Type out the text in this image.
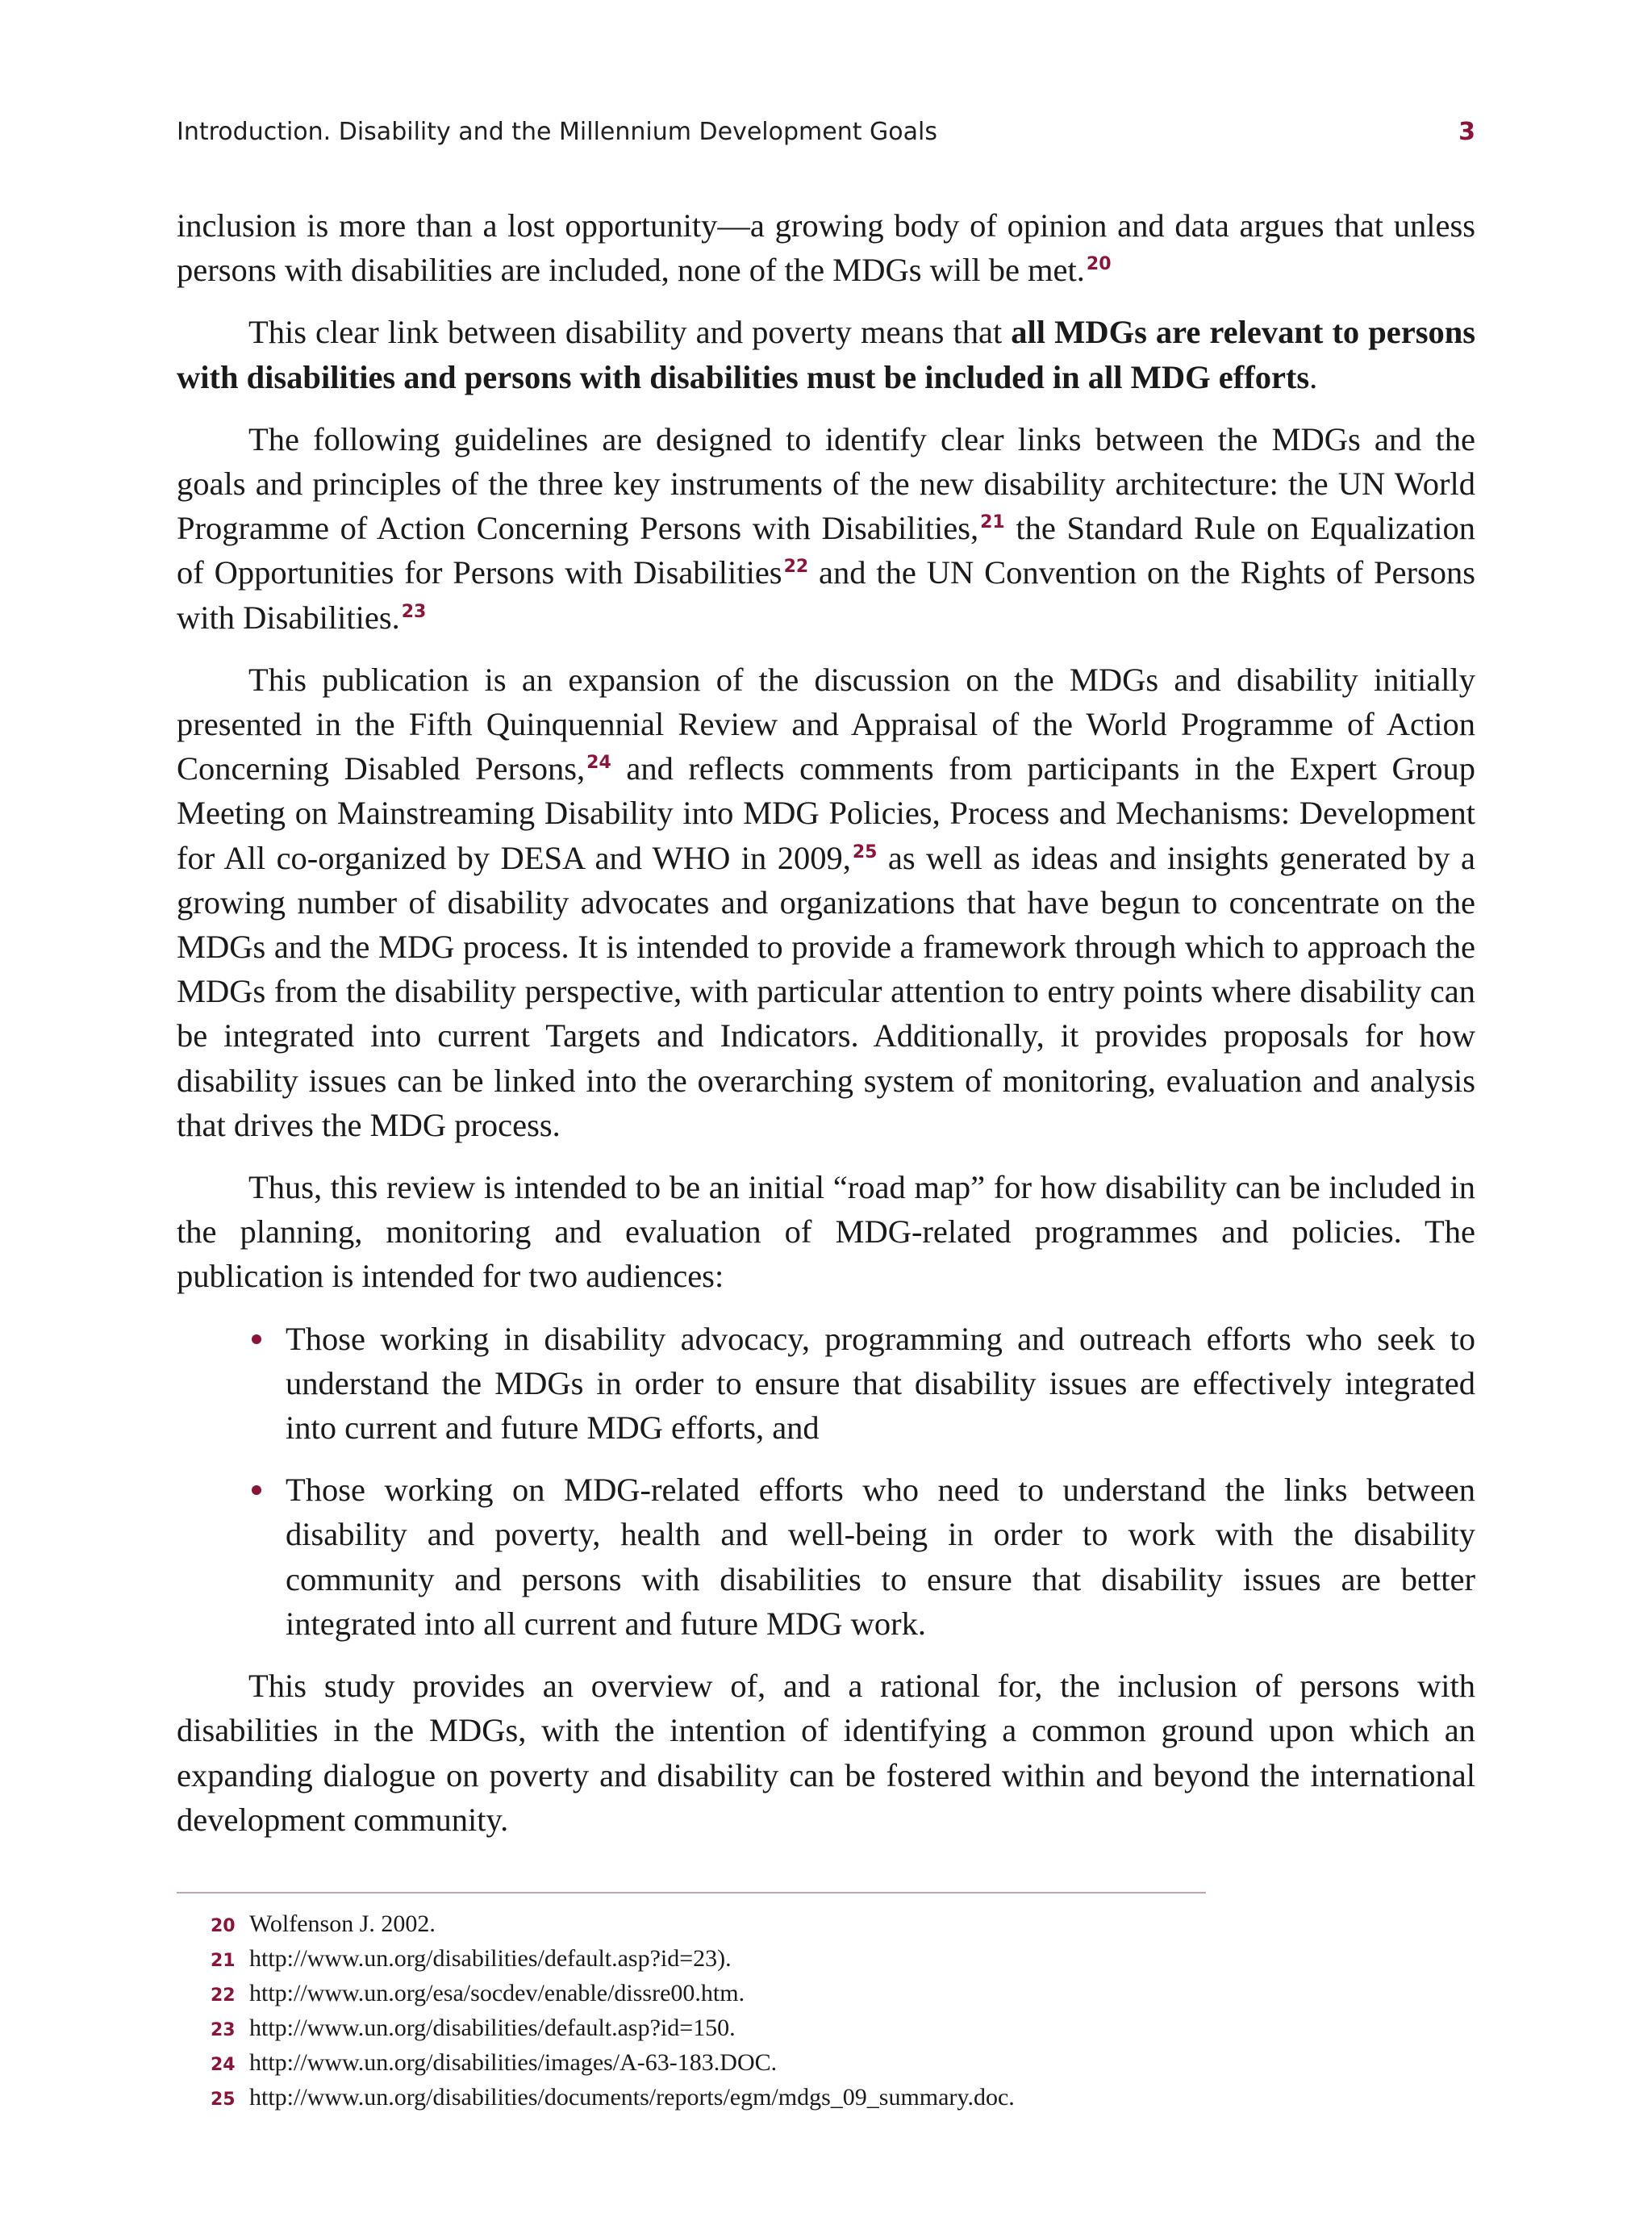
Introduction. Disability and the Millennium Development Goals	3

inclusion is more than a lost opportunity—a growing body of opinion and data argues that unless persons with disabilities are included, none of the MDGs will be met.$^{20}$

This clear link between disability and poverty means that all MDGs are relevant to persons with disabilities and persons with disabilities must be included in all MDG efforts.

The following guidelines are designed to identify clear links between the MDGs and the goals and principles of the three key instruments of the new disability architecture: the UN World Programme of Action Concerning Persons with Disabilities,$^{21}$ the Standard Rule on Equalization of Opportunities for Persons with Disabilities$^{22}$ and the UN Convention on the Rights of Persons with Disabilities.$^{23}$

This publication is an expansion of the discussion on the MDGs and disability initially presented in the Fifth Quinquennial Review and Appraisal of the World Programme of Action Concerning Disabled Persons,$^{24}$ and reflects comments from participants in the Expert Group Meeting on Mainstreaming Disability into MDG Policies, Process and Mechanisms: Development for All co-organized by DESA and WHO in 2009,25 as well as ideas and insights generated by a growing number of disability advocates and organizations that have begun to concentrate on the MDGs and the MDG process. It is intended to provide a framework through which to approach the MDGs from the disability perspective, with particular attention to entry points where disability can be integrated into current Targets and Indicators. Additionally, it provides proposals for how disability issues can be linked into the overarching system of monitoring, evaluation and analysis that drives the MDG process.

Thus, this review is intended to be an initial “road map” for how disability can be included in the planning, monitoring and evaluation of MDG-related programmes and policies. The publication is intended for two audiences:

Those working in disability advocacy, programming and outreach efforts who seek to understand the MDGs in order to ensure that disability issues are effectively integrated into current and future MDG efforts, and
Those working on MDG-related efforts who need to understand the links between disability and poverty, health and well-being in order to work with the disability community and persons with disabilities to ensure that disability issues are better integrated into all current and future MDG work.

This study provides an overview of, and a rational for, the inclusion of persons with disabilities in the MDGs, with the intention of identifying a common ground upon which an expanding dialogue on poverty and disability can be fostered within and beyond the international development community.

20 Wolfenson J. 2002.
21 http://www.un.org/disabilities/default.asp?id=23).
22 http://www.un.org/esa/socdev/enable/dissre00.htm.
23 http://www.un.org/disabilities/default.asp?id=150.
24 http://www.un.org/disabilities/images/A-63-183.DOC.
25 http://www.un.org/disabilities/documents/reports/egm/mdgs_09_summary.doc.
